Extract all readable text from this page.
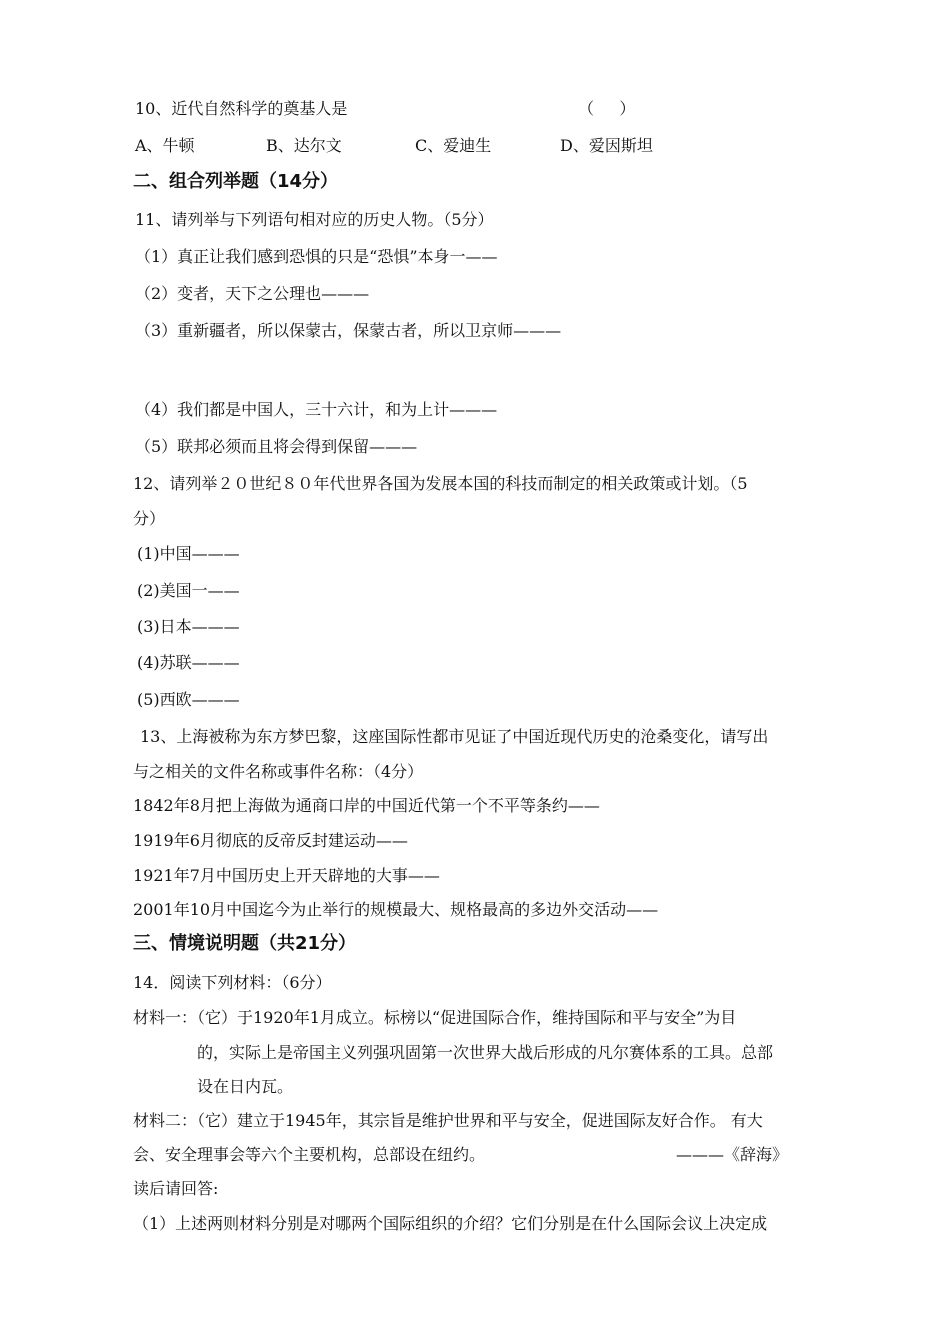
10、近代自然科学的奠基人是	（     ）
A、牛顿	B、达尔文	C、爱迪生	D、爱因斯坦
二、组合列举题（14分）
11、请列举与下列语句相对应的历史人物。（5分）
（1）真正让我们感到恐惧的只是“恐惧”本身一——
（2）变者，天下之公理也———
（3）重新疆者，所以保蒙古，保蒙古者，所以卫京师———
（4）我们都是中国人，三十六计，和为上计———
（5）联邦必须而且将会得到保留———
12、请列举２０世纪８０年代世界各国为发展本国的科技而制定的相关政策或计划。（5
分）
(1)中国———
(2)美国一——
(3)日本———
(4)苏联———
(5)西欧———
13、上海被称为东方梦巴黎，这座国际性都市见证了中国近现代历史的沧桑变化，请写出
与之相关的文件名称或事件名称：（4分）
1842年8月把上海做为通商口岸的中国近代第一个不平等条约——
1919年6月彻底的反帝反封建运动——
1921年7月中国历史上开天辟地的大事——
2001年10月中国迄今为止举行的规模最大、规格最高的多边外交活动——
三、情境说明题（共21分）
14．阅读下列材料：（6分）
材料一：（它）于1920年1月成立。标榜以“促进国际合作，维持国际和平与安全”为目
的，实际上是帝国主义列强巩固第一次世界大战后形成的凡尔赛体系的工具。总部
设在日内瓦。
材料二：（它）建立于1945年，其宗旨是维护世界和平与安全，促进国际友好合作。 有大
会、安全理事会等六个主要机构，总部设在纽约。	———《辞海》
读后请回答:
（1）上述两则材料分别是对哪两个国际组织的介绍？它们分别是在什么国际会议上决定成
